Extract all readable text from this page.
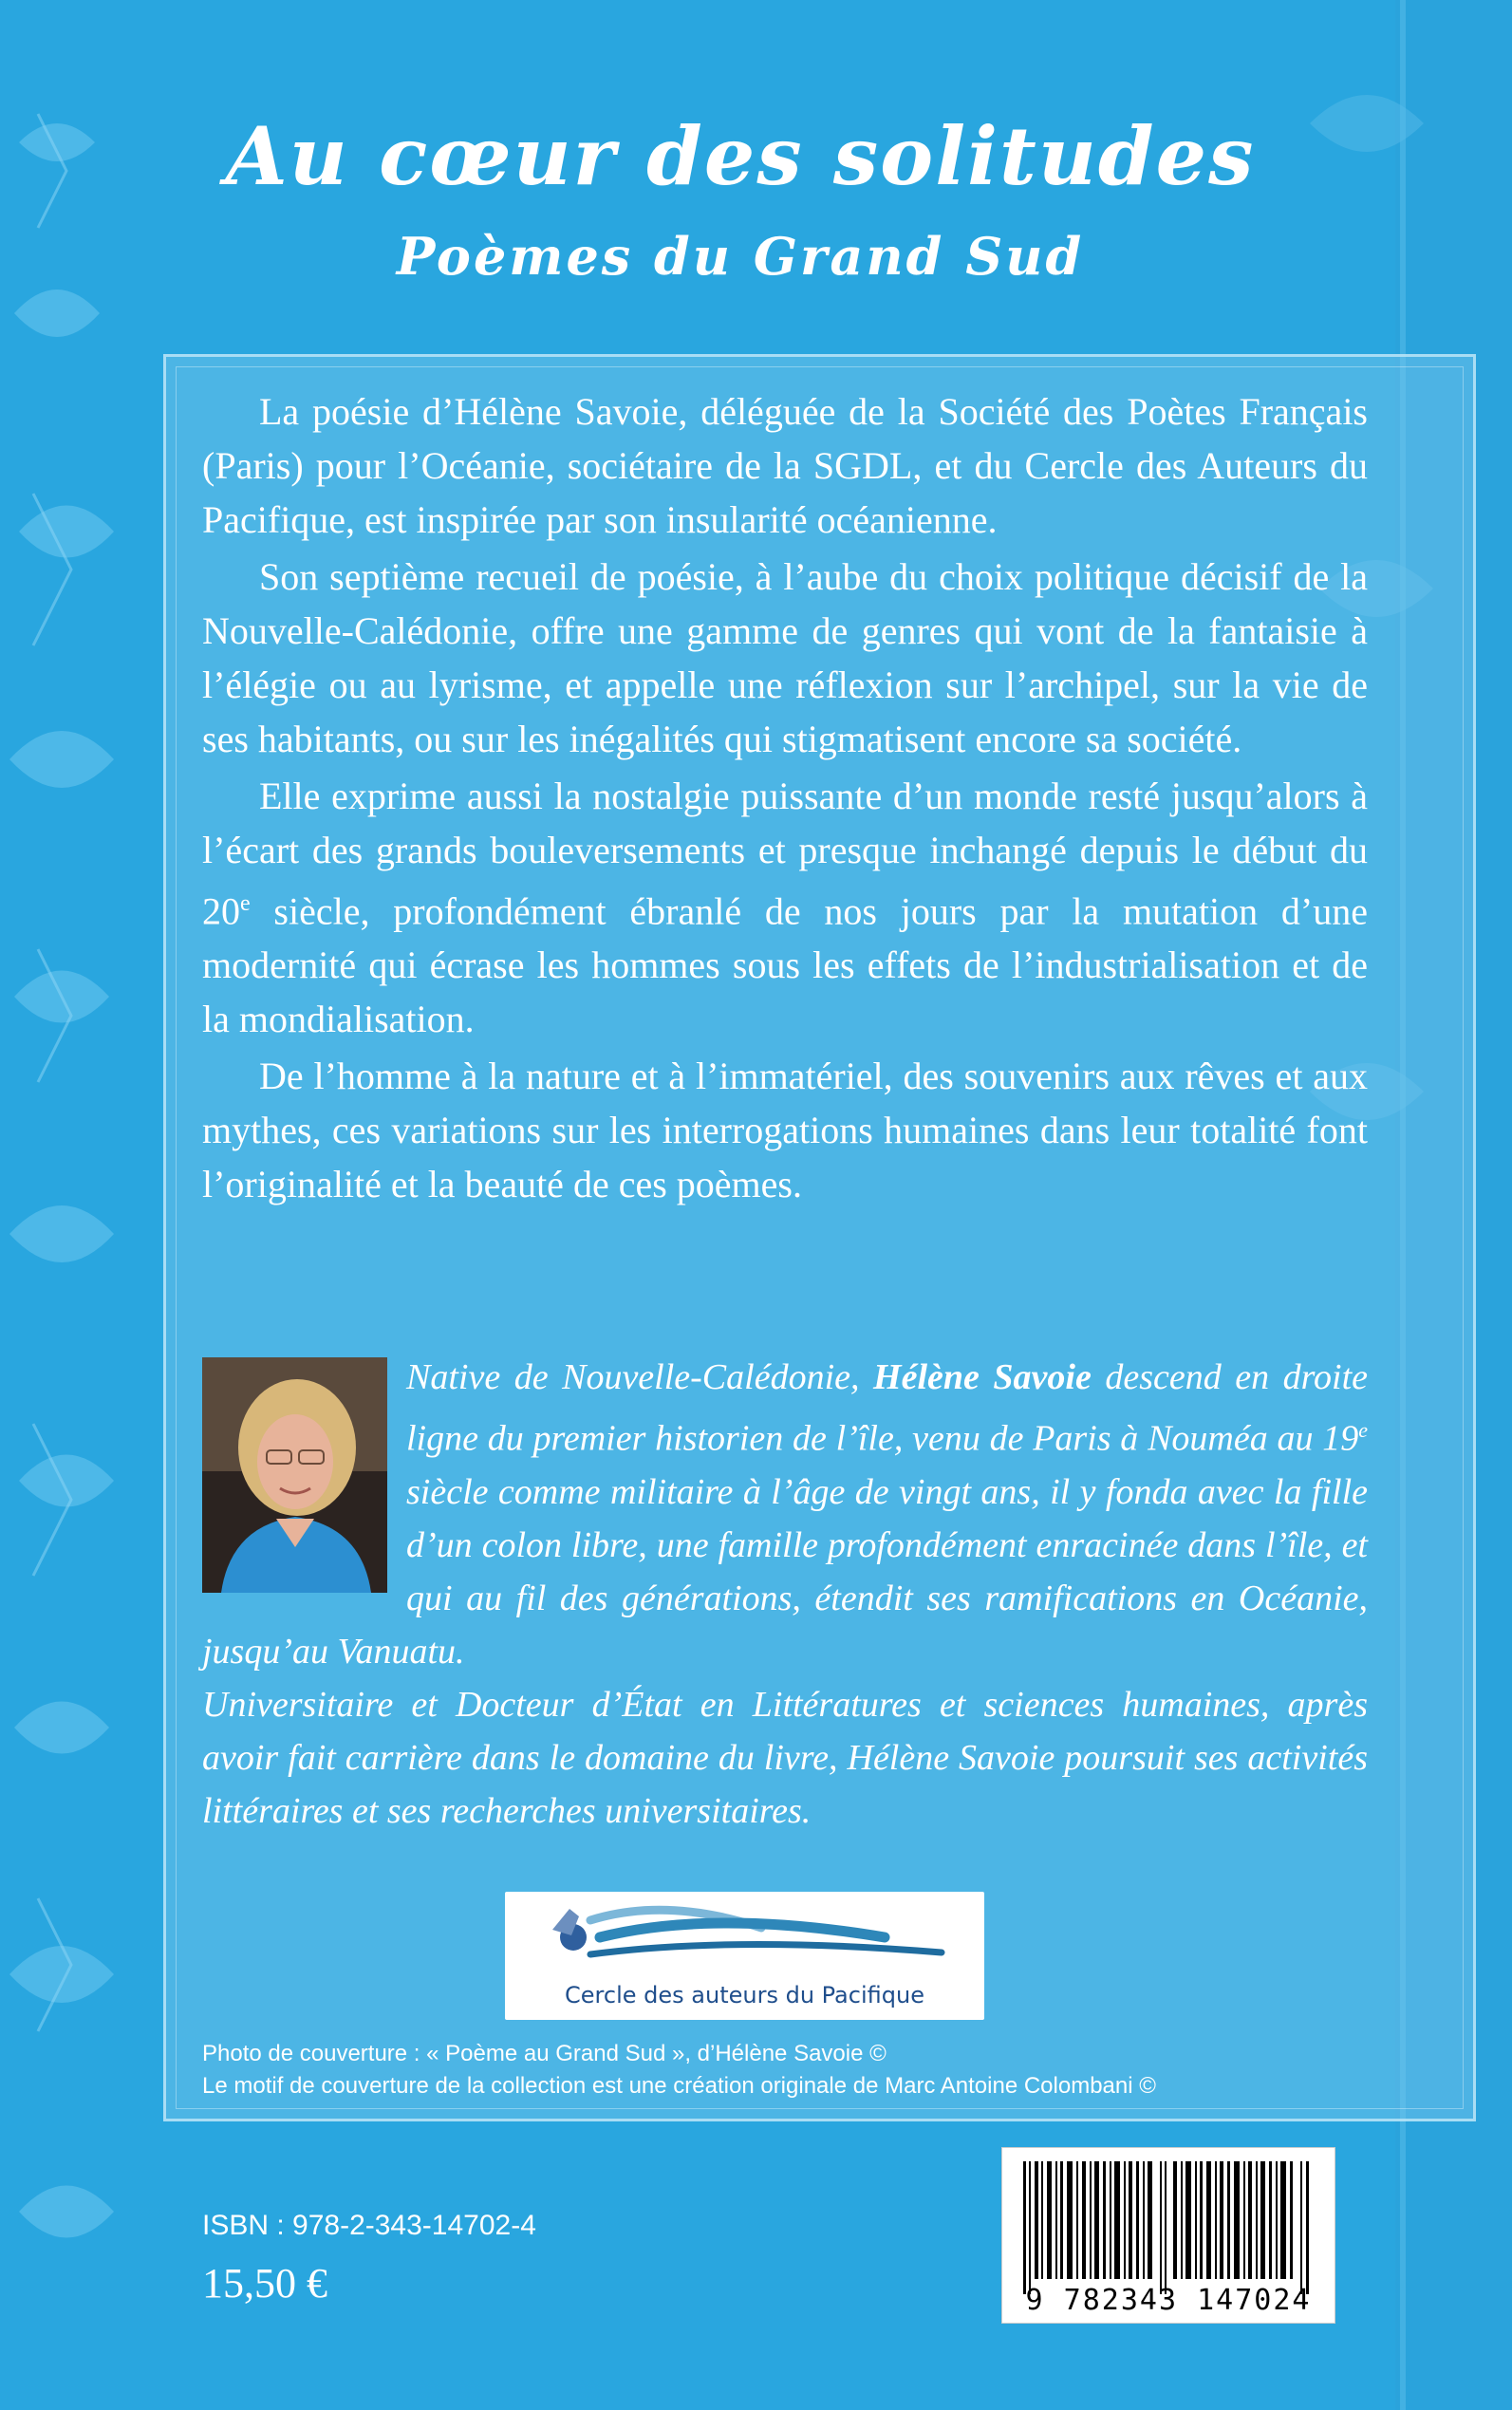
Au cœur des solitudes
Poèmes du Grand Sud

La poésie d’Hélène Savoie, déléguée de la Société des Poètes Français (Paris) pour l’Océanie, sociétaire de la SGDL, et du Cercle des Auteurs du Pacifique, est inspirée par son insularité océanienne.

Son septième recueil de poésie, à l’aube du choix politique décisif de la Nouvelle-Calédonie, offre une gamme de genres qui vont de la fantaisie à l’élégie ou au lyrisme, et appelle une réflexion sur l’archipel, sur la vie de ses habitants, ou sur les inégalités qui stigmatisent encore sa société.

Elle exprime aussi la nostalgie puissante d’un monde resté jusqu’alors à l’écart des grands bouleversements et presque inchangé depuis le début du 20e siècle, profondément ébranlé de nos jours par la mutation d’une modernité qui écrase les hommes sous les effets de l’industrialisation et de la mondialisation.

De l’homme à la nature et à l’immatériel, des souvenirs aux rêves et aux mythes, ces variations sur les interrogations humaines dans leur totalité font l’originalité et la beauté de ces poèmes.

Native de Nouvelle-Calédonie, Hélène Savoie descend en droite ligne du premier historien de l’île, venu de Paris à Nouméa au 19e siècle comme militaire à l’âge de vingt ans, il y fonda avec la fille d’un colon libre, une famille profondément enracinée dans l’île, et qui au fil des générations, étendit ses ramifications en Océanie, jusqu’au Vanuatu.

Universitaire et Docteur d’État en Littératures et sciences humaines, après avoir fait carrière dans le domaine du livre, Hélène Savoie poursuit ses activités littéraires et ses recherches universitaires.

Cercle des auteurs du Pacifique
Photo de couverture : « Poème au Grand Sud », d’Hélène Savoie ©
Le motif de couverture de la collection est une création originale de Marc Antoine Colombani ©
ISBN : 978-2-343-14702-4
15,50 €	9 782343 147024
